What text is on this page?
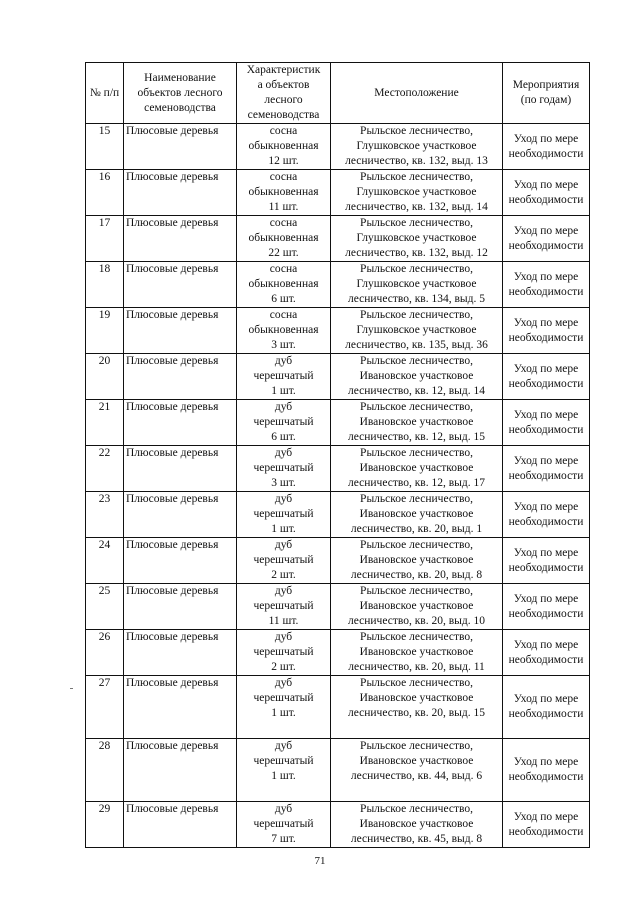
№ п/п	Наименование
объектов лесного
семеноводства	Характеристик
а объектов
лесного
семеноводства	Местоположение	Мероприятия
(по годам)

15	Плюсовые деревья	сосна
обыкновенная
12 шт.	Рыльское лесничество,
Глушковское участковое
лесничество, кв. 132, выд. 13	Уход по мере
необходимости

16	Плюсовые деревья	сосна
обыкновенная
11 шт.	Рыльское лесничество,
Глушковское участковое
лесничество, кв. 132, выд. 14	Уход по мере
необходимости

17	Плюсовые деревья	сосна
обыкновенная
22 шт.	Рыльское лесничество,
Глушковское участковое
лесничество, кв. 132, выд. 12	Уход по мере
необходимости

18	Плюсовые деревья	сосна
обыкновенная
6 шт.	Рыльское лесничество,
Глушковское участковое
лесничество, кв. 134, выд. 5	Уход по мере
необходимости

19	Плюсовые деревья	сосна
обыкновенная
3 шт.	Рыльское лесничество,
Глушковское участковое
лесничество, кв. 135, выд. 36	Уход по мере
необходимости

20	Плюсовые деревья	дуб
черешчатый
1 шт.	Рыльское лесничество,
Ивановское участковое
лесничество, кв. 12, выд. 14	Уход по мере
необходимости

21	Плюсовые деревья	дуб
черешчатый
6 шт.	Рыльское лесничество,
Ивановское участковое
лесничество, кв. 12, выд. 15	Уход по мере
необходимости

22	Плюсовые деревья	дуб
черешчатый
3 шт.	Рыльское лесничество,
Ивановское участковое
лесничество, кв. 12, выд. 17	Уход по мере
необходимости

23	Плюсовые деревья	дуб
черешчатый
1 шт.	Рыльское лесничество,
Ивановское участковое
лесничество, кв. 20, выд. 1	Уход по мере
необходимости

24	Плюсовые деревья	дуб
черешчатый
2 шт.	Рыльское лесничество,
Ивановское участковое
лесничество, кв. 20, выд. 8	Уход по мере
необходимости

25	Плюсовые деревья	дуб
черешчатый
11 шт.	Рыльское лесничество,
Ивановское участковое
лесничество, кв. 20, выд. 10	Уход по мере
необходимости

26	Плюсовые деревья	дуб
черешчатый
2 шт.	Рыльское лесничество,
Ивановское участковое
лесничество, кв. 20, выд. 11	Уход по мере
необходимости

27	Плюсовые деревья	дуб
черешчатый
1 шт.	Рыльское лесничество,
Ивановское участковое
лесничество, кв. 20, выд. 15	Уход по мере
необходимости

28	Плюсовые деревья	дуб
черешчатый
1 шт.	Рыльское лесничество,
Ивановское участковое
лесничество, кв. 44, выд. 6	Уход по мере
необходимости

29	Плюсовые деревья	дуб
черешчатый
7 шт.	Рыльское лесничество,
Ивановское участковое
лесничество, кв. 45, выд. 8	Уход по мере
необходимости
71
